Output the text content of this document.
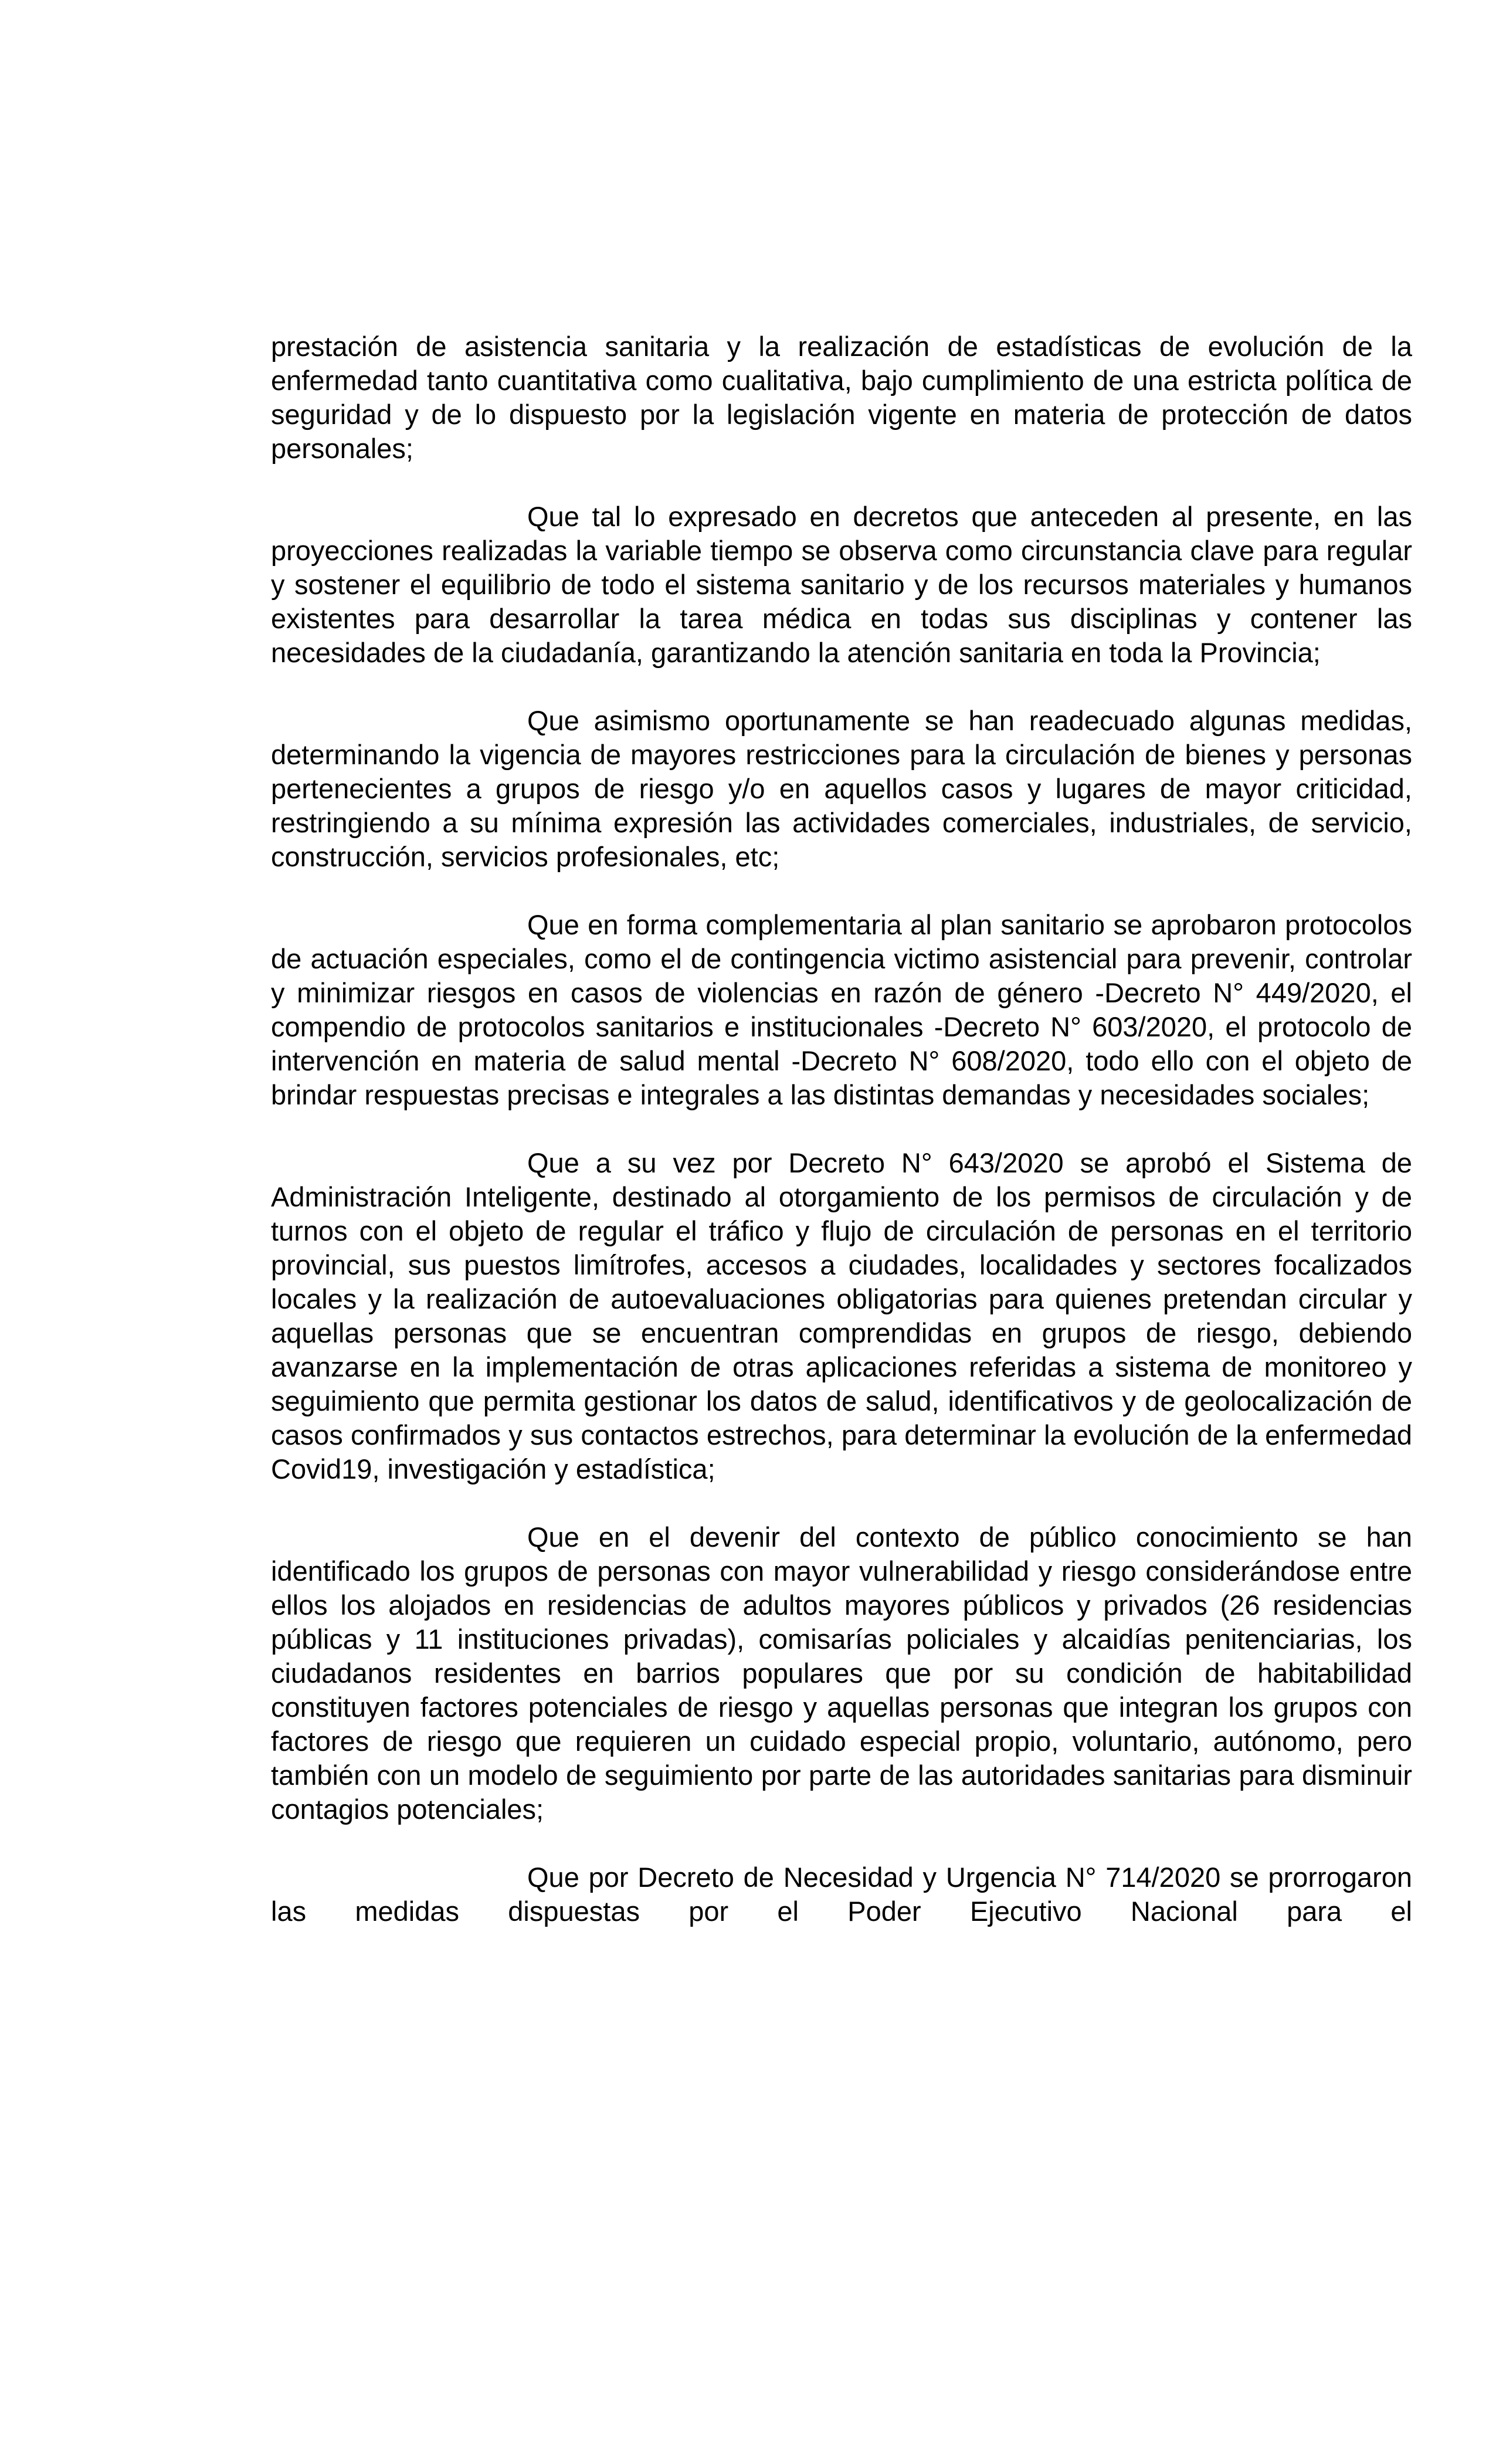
prestación de asistencia sanitaria y la realización de estadísticas de evolución de la enfermedad tanto cuantitativa como cualitativa, bajo cumplimiento de una estricta política de seguridad y de lo dispuesto por la legislación vigente en materia de protección de datos personales;

Que tal lo expresado en decretos que anteceden al presente, en las proyecciones realizadas la variable tiempo se observa como circunstancia clave para regular y sostener el equilibrio de todo el sistema sanitario y de los recursos materiales y humanos existentes para desarrollar la tarea médica en todas sus disciplinas y contener las necesidades de la ciudadanía, garantizando la atención sanitaria en toda la Provincia;

Que asimismo oportunamente se han readecuado algunas medidas, determinando la vigencia de mayores restricciones para la circulación de bienes y personas pertenecientes a grupos de riesgo y/o en aquellos casos y lugares de mayor criticidad, restringiendo a su mínima expresión las actividades comerciales, industriales, de servicio, construcción, servicios profesionales, etc;

Que en forma complementaria al plan sanitario se aprobaron protocolos de actuación especiales, como el de contingencia victimo asistencial para prevenir, controlar y minimizar riesgos en casos de violencias en razón de género -Decreto N° 449/2020, el compendio de protocolos sanitarios e institucionales -Decreto N° 603/2020, el protocolo de intervención en materia de salud mental -Decreto N° 608/2020, todo ello con el objeto de brindar respuestas precisas e integrales a las distintas demandas y necesidades sociales;

Que a su vez por Decreto N° 643/2020 se aprobó el Sistema de Administración Inteligente, destinado al otorgamiento de los permisos de circulación y de turnos con el objeto de regular el tráfico y flujo de circulación de personas en el territorio provincial, sus puestos limítrofes, accesos a ciudades, localidades y sectores focalizados locales y la realización de autoevaluaciones obligatorias para quienes pretendan circular y aquellas personas que se encuentran comprendidas en grupos de riesgo, debiendo avanzarse en la implementación de otras aplicaciones referidas a sistema de monitoreo y seguimiento que permita gestionar los datos de salud, identificativos y de geolocalización de casos confirmados y sus contactos estrechos, para determinar la evolución de la enfermedad Covid19, investigación y estadística;

Que en el devenir del contexto de público conocimiento se han identificado los grupos de personas con mayor vulnerabilidad y riesgo considerándose entre ellos los alojados en residencias de adultos mayores públicos y privados (26 residencias públicas y 11 instituciones privadas), comisarías policiales y alcaidías penitenciarias, los ciudadanos residentes en barrios populares que por su condición de habitabilidad constituyen factores potenciales de riesgo y aquellas personas que integran los grupos con factores de riesgo que requieren un cuidado especial propio, voluntario, autónomo, pero también con un modelo de seguimiento por parte de las autoridades sanitarias para disminuir contagios potenciales;

Que por Decreto de Necesidad y Urgencia N° 714/2020 se prorrogaron las medidas dispuestas por el Poder Ejecutivo Nacional para el
